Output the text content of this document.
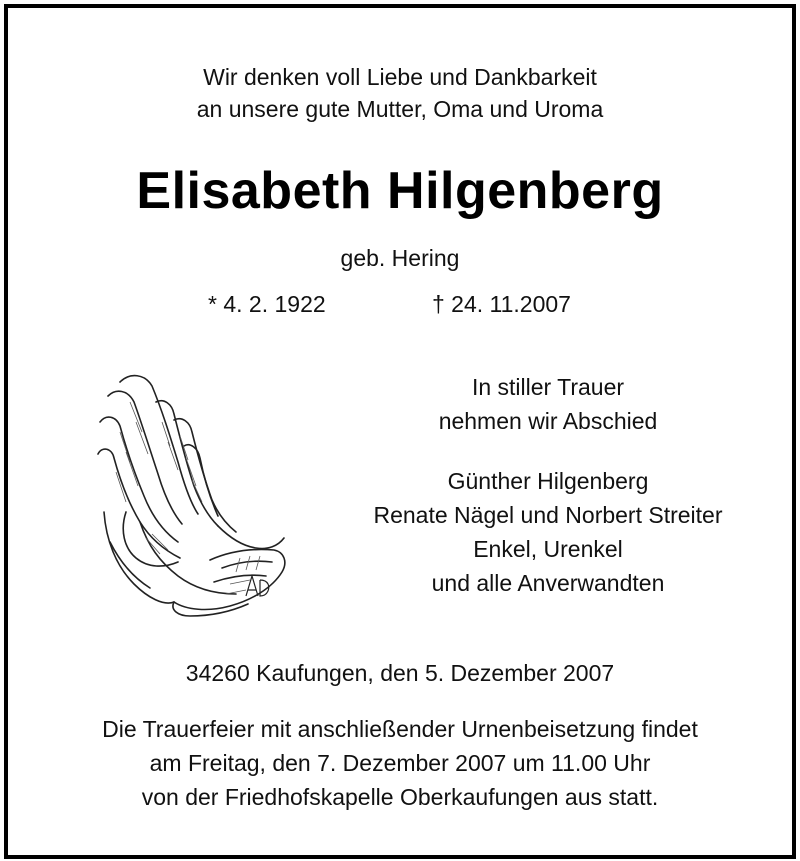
Wir denken voll Liebe und Dankbarkeit
an unsere gute Mutter, Oma und Uroma
Elisabeth Hilgenberg
geb. Hering
* 4. 2. 1922	† 24. 11.2007
In stiller Trauer
nehmen wir Abschied
Günther Hilgenberg
Renate Nägel und Norbert Streiter
Enkel, Urenkel
und alle Anverwandten
34260 Kaufungen, den 5. Dezember 2007
Die Trauerfeier mit anschließender Urnenbeisetzung findet
am Freitag, den 7. Dezember 2007 um 11.00 Uhr
von der Friedhofskapelle Oberkaufungen aus statt.
